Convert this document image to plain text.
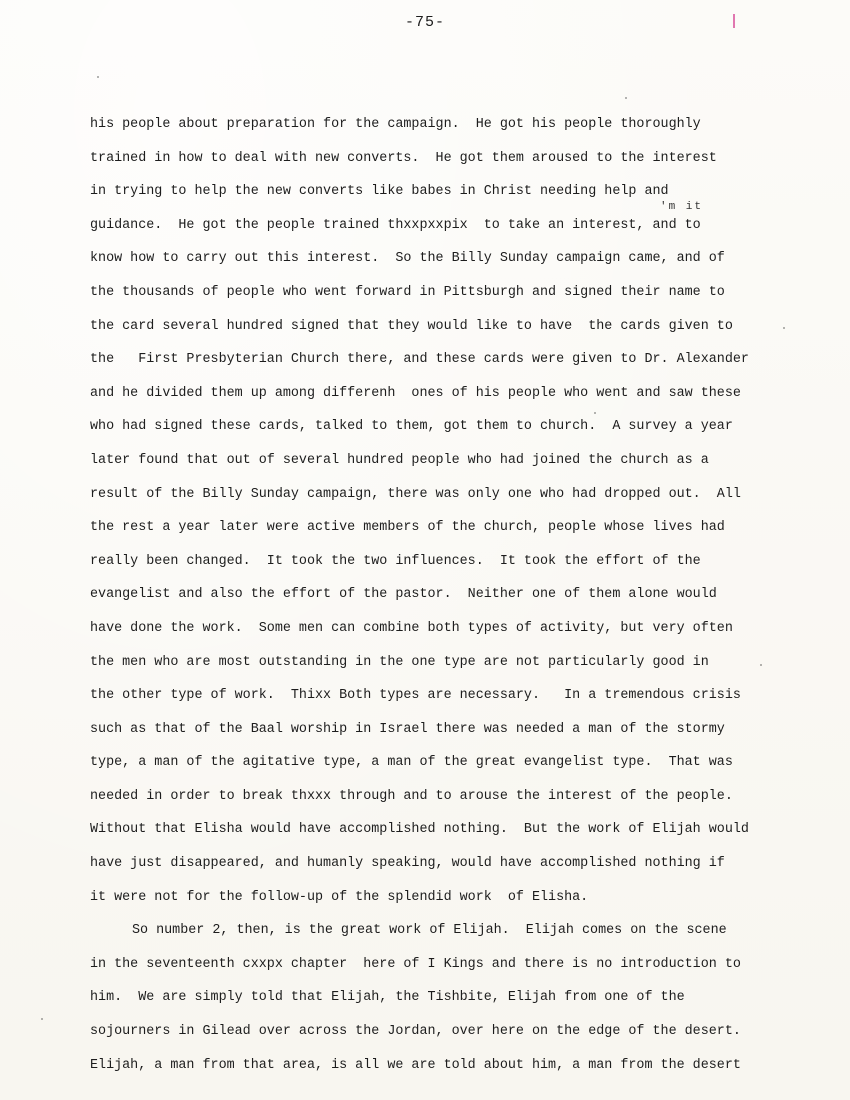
-75-
'm it
his people about preparation for the campaign.  He got his people thoroughly
trained in how to deal with new converts.  He got them aroused to the interest
in trying to help the new converts like babes in Christ needing help and
guidance.  He got the people trained thxxpxxpix  to take an interest, and to
know how to carry out this interest.  So the Billy Sunday campaign came, and of
the thousands of people who went forward in Pittsburgh and signed their name to
the card several hundred signed that they would like to have  the cards given to
the   First Presbyterian Church there, and these cards were given to Dr. Alexander
and he divided them up among differenh  ones of his people who went and saw these
who had signed these cards, talked to them, got them to church.  A survey a year
later found that out of several hundred people who had joined the church as a
result of the Billy Sunday campaign, there was only one who had dropped out.  All
the rest a year later were active members of the church, people whose lives had
really been changed.  It took the two influences.  It took the effort of the
evangelist and also the effort of the pastor.  Neither one of them alone would
have done the work.  Some men can combine both types of activity, but very often
the men who are most outstanding in the one type are not particularly good in
the other type of work.  Thixx Both types are necessary.   In a tremendous crisis
such as that of the Baal worship in Israel there was needed a man of the stormy
type, a man of the agitative type, a man of the great evangelist type.  That was
needed in order to break thxxx through and to arouse the interest of the people.
Without that Elisha would have accomplished nothing.  But the work of Elijah would
have just disappeared, and humanly speaking, would have accomplished nothing if
it were not for the follow-up of the splendid work  of Elisha.
So number 2, then, is the great work of Elijah.  Elijah comes on the scene
in the seventeenth cxxpx chapter  here of I Kings and there is no introduction to
him.  We are simply told that Elijah, the Tishbite, Elijah from one of the
sojourners in Gilead over across the Jordan, over here on the edge of the desert.
Elijah, a man from that area, is all we are told about him, a man from the desert
